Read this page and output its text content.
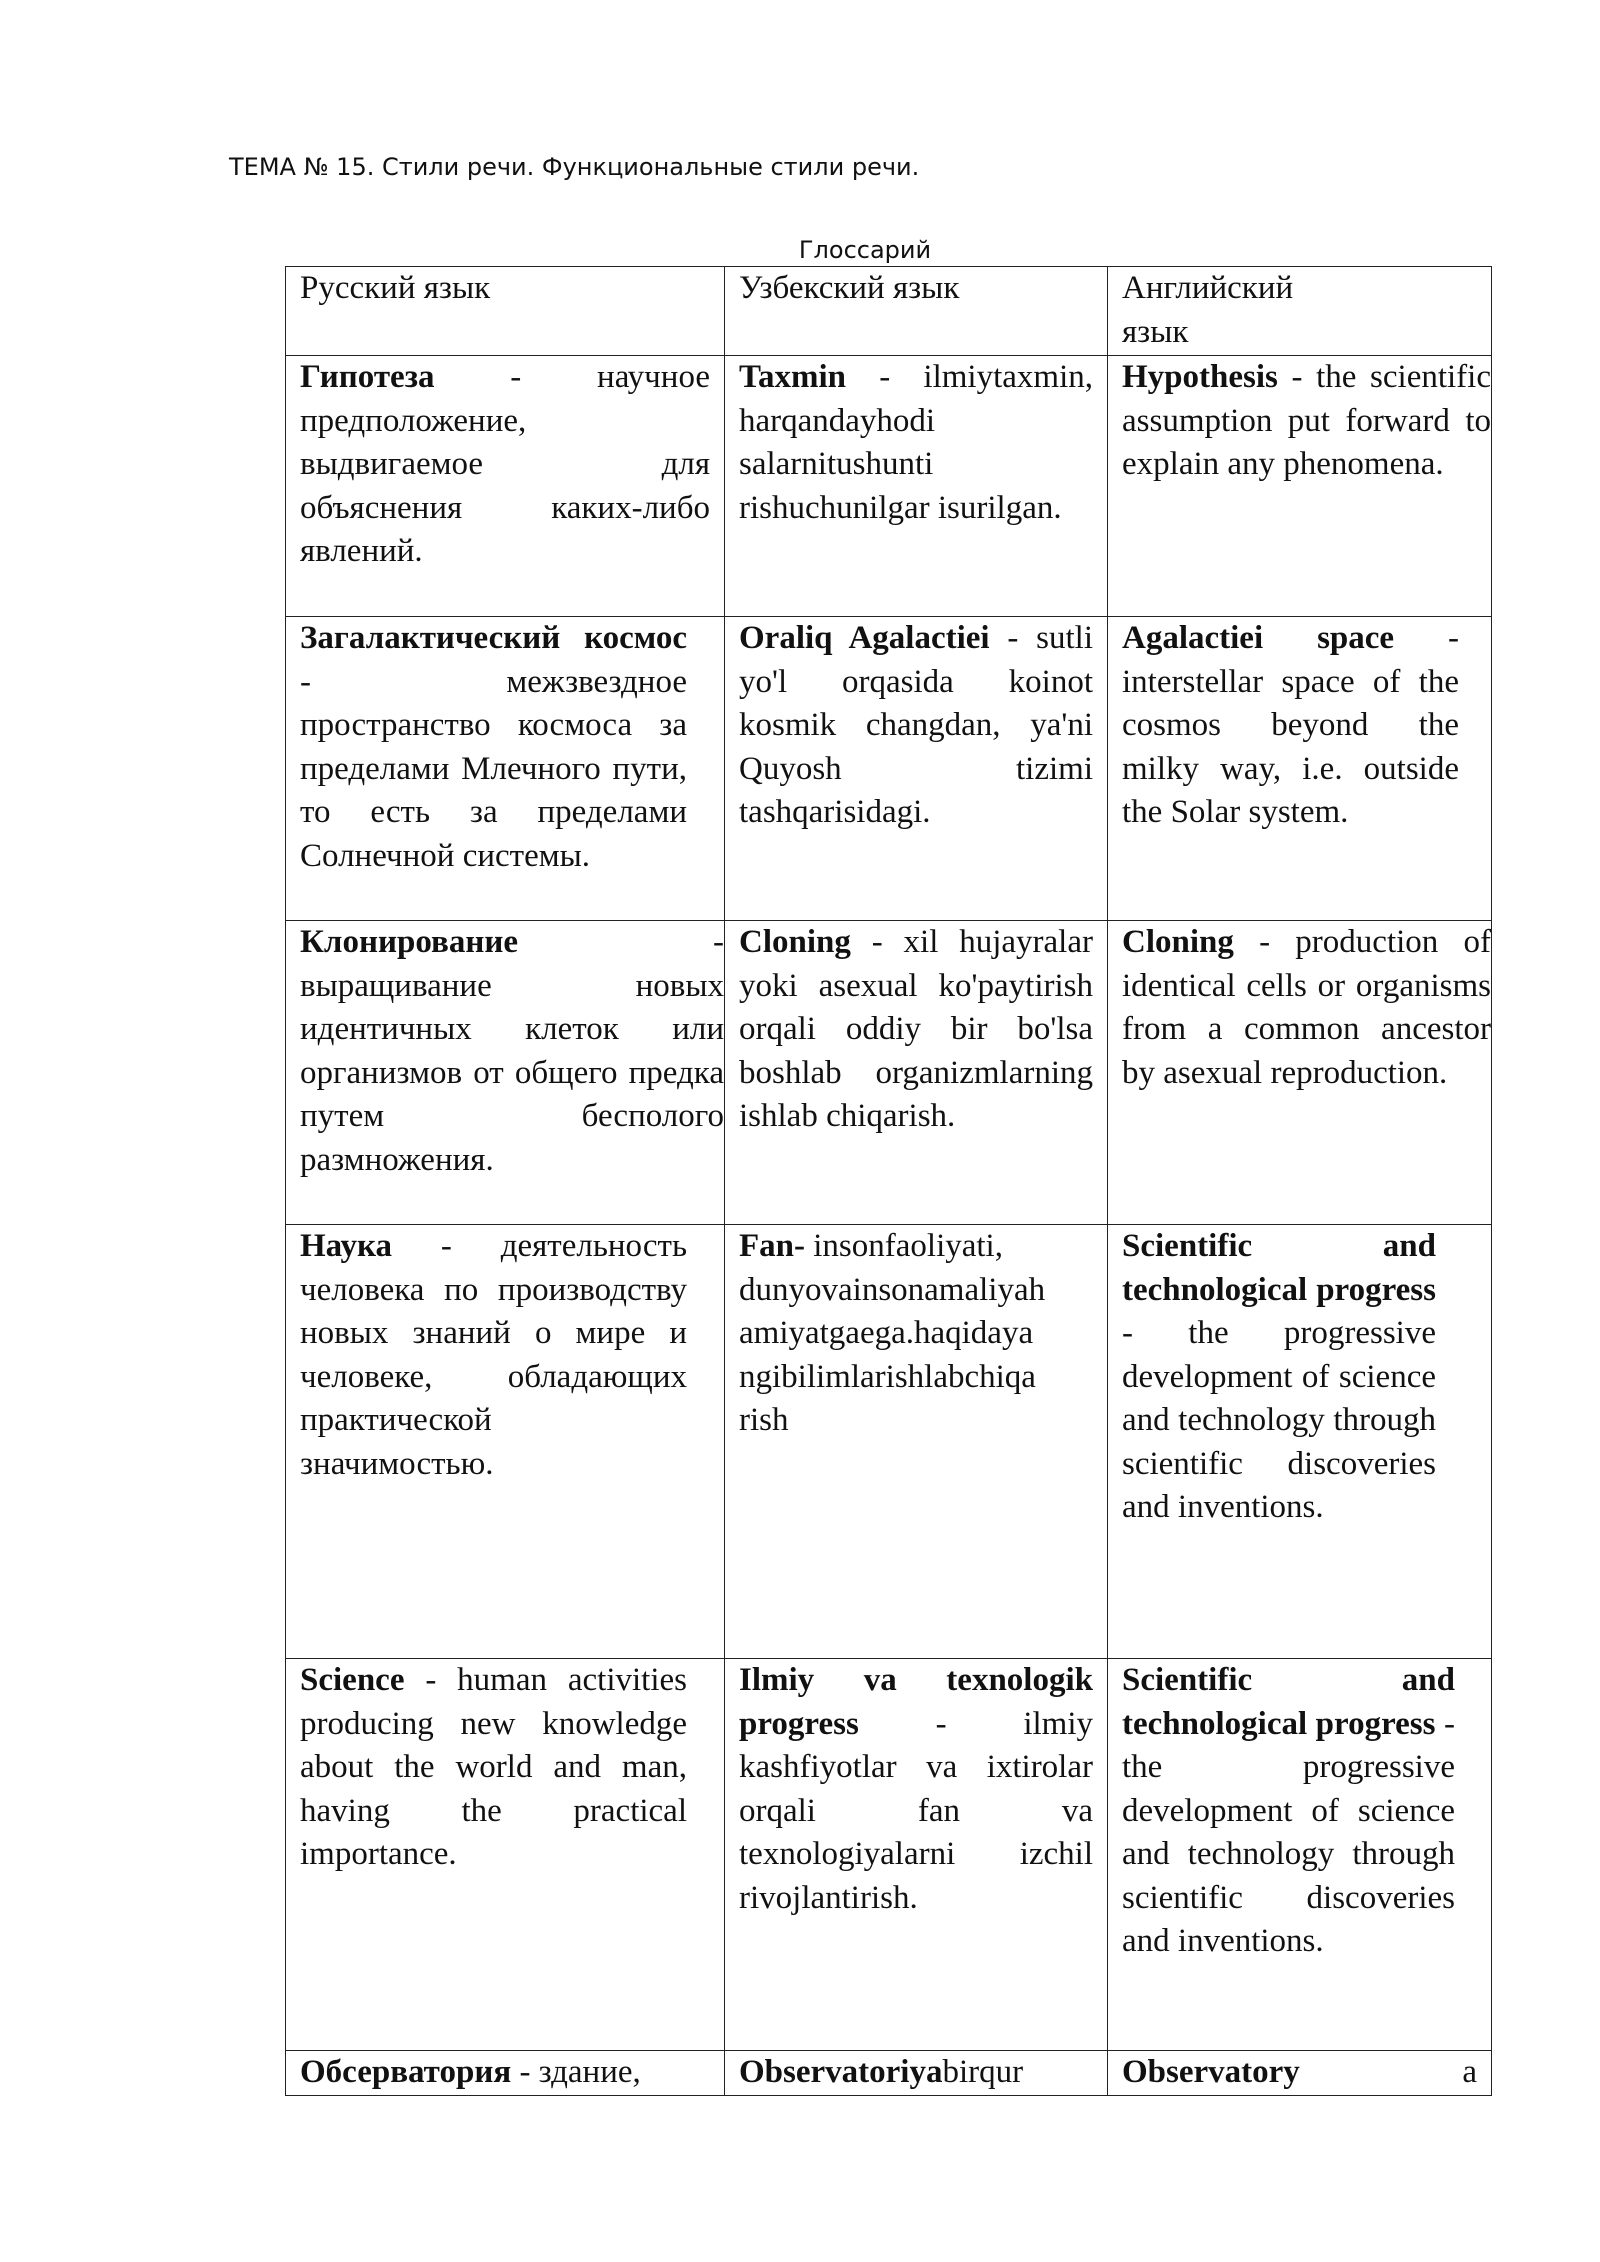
ТЕМА № 15. Стили речи. Функциональные стили речи.
Глоссарий
Русский язык	Узбекский язык	Английский язык
Гипотеза - научное предположение, выдвигаемое для объяснения каких-либо явлений.	Taxmin - ilmiytaxmin, harqandayhodi salarnitushunti rishuchunilgar isurilgan.	Hypothesis - the scientific assumption put forward to explain any phenomena.
Загалактический космос - межзвездное пространство космоса за пределами Млечного пути, то есть за пределами Солнечной системы.	Oraliq Agalactiei - sutli yo'l orqasida koinot kosmik changdan, ya'ni Quyosh tizimi tashqarisidagi.	Agalactiei space - interstellar space of the cosmos beyond the milky way, i.e. outside the Solar system.
Клонирование - выращивание новых идентичных клеток или организмов от общего предка путем бесполого размножения.	Cloning - xil hujayralar yoki asexual ko'paytirish orqali oddiy bir bo'lsa boshlab organizmlarning ishlab chiqarish.	Cloning - production of identical cells or organisms from a common ancestor by asexual reproduction.
Наука - деятельность человека по производству новых знаний о мире и человеке, обладающих практической значимостью.	Fan- insonfaoliyati, dunyovainsonamaliyah amiyatgaega.haqidaya ngibilimlarishlabchiqa rish	Scientific and technological progress - the progressive development of science and technology through scientific discoveries and inventions.
Science - human activities producing new knowledge about the world and man, having the practical importance.	Ilmiy va texnologik progress - ilmiy kashfiyotlar va ixtirolar orqali fan va texnologiyalarni izchil rivojlantirish.	Scientific and technological progress - the progressive development of science and technology through scientific discoveries and inventions.
Обсерватория - здание,	Observatoriyabirqur	Observatory a
